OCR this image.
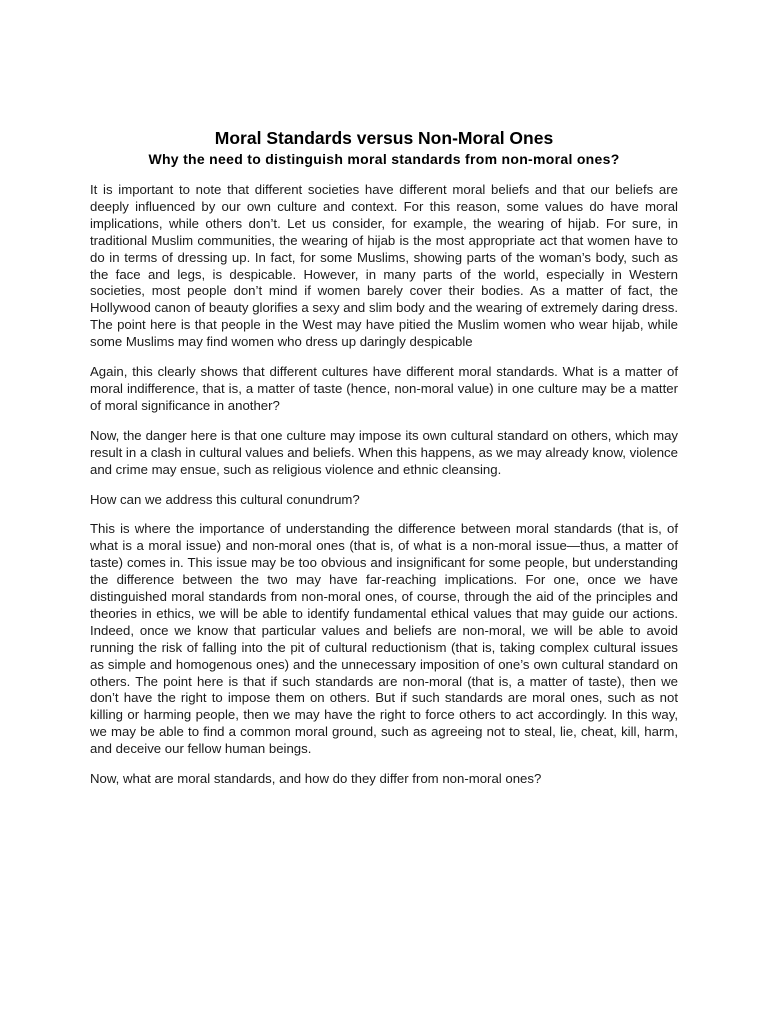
Moral Standards versus Non-Moral Ones
Why the need to distinguish moral standards from non-moral ones?

It is important to note that different societies have different moral beliefs and that our beliefs are deeply influenced by our own culture and context. For this reason, some values do have moral implications, while others don’t. Let us consider, for example, the wearing of hijab. For sure, in traditional Muslim communities, the wearing of hijab is the most appropriate act that women have to do in terms of dressing up. In fact, for some Muslims, showing parts of the woman’s body, such as the face and legs, is despicable. However, in many parts of the world, especially in Western societies, most people don’t mind if women barely cover their bodies. As a matter of fact, the Hollywood canon of beauty glorifies a sexy and slim body and the wearing of extremely daring dress. The point here is that people in the West may have pitied the Muslim women who wear hijab, while some Muslims may find women who dress up daringly despicable

Again, this clearly shows that different cultures have different moral standards. What is a matter of moral indifference, that is, a matter of taste (hence, non-moral value) in one culture may be a matter of moral significance in another?

Now, the danger here is that one culture may impose its own cultural standard on others, which may result in a clash in cultural values and beliefs. When this happens, as we may already know, violence and crime may ensue, such as religious violence and ethnic cleansing.

How can we address this cultural conundrum?

This is where the importance of understanding the difference between moral standards (that is, of what is a moral issue) and non-moral ones (that is, of what is a non-moral issue—thus, a matter of taste) comes in. This issue may be too obvious and insignificant for some people, but understanding the difference between the two may have far-reaching implications. For one, once we have distinguished moral standards from non-moral ones, of course, through the aid of the principles and theories in ethics, we will be able to identify fundamental ethical values that may guide our actions. Indeed, once we know that particular values and beliefs are non-moral, we will be able to avoid running the risk of falling into the pit of cultural reductionism (that is, taking complex cultural issues as simple and homogenous ones) and the unnecessary imposition of one’s own cultural standard on others. The point here is that if such standards are non-moral (that is, a matter of taste), then we don’t have the right to impose them on others. But if such standards are moral ones, such as not killing or harming people, then we may have the right to force others to act accordingly. In this way, we may be able to find a common moral ground, such as agreeing not to steal, lie, cheat, kill, harm, and deceive our fellow human beings.

Now, what are moral standards, and how do they differ from non-moral ones?
